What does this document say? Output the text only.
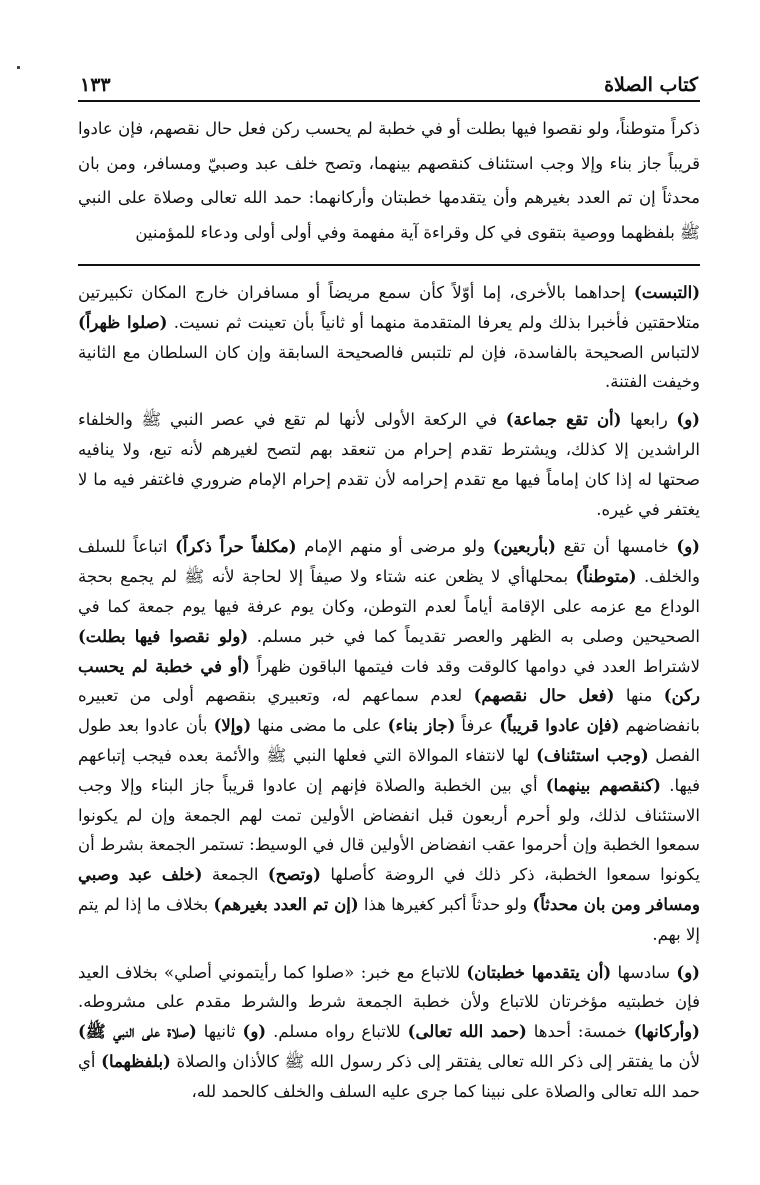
كتاب الصلاة
١٣٣
ذكراً متوطناً، ولو نقصوا فيها بطلت أو في خطبة لم يحسب ركن فعل حال نقصهم، فإن عادوا قريباً جاز بناء وإلا وجب استئناف كنقصهم بينهما، وتصح خلف عبد وصبيّ ومسافر، ومن بان محدثاً إن تم العدد بغيرهم وأن يتقدمها خطبتان وأركانهما: حمد الله تعالى وصلاة على النبي ﷺ بلفظهما ووصية بتقوى في كل وقراءة آية مفهمة وفي أولى أولى ودعاء للمؤمنين

(التبست) إحداهما بالأخرى، إما أوّلاً كأن سمع مريضاً أو مسافران خارج المكان تكبيرتين متلاحقتين فأخبرا بذلك ولم يعرفا المتقدمة منهما أو ثانياً بأن تعينت ثم نسيت. (صلوا ظهراً) لالتباس الصحيحة بالفاسدة، فإن لم تلتبس فالصحيحة السابقة وإن كان السلطان مع الثانية وخيفت الفتنة.

(و) رابعها (أن تقع جماعة) في الركعة الأولى لأنها لم تقع في عصر النبي ﷺ والخلفاء الراشدين إلا كذلك، ويشترط تقدم إحرام من تنعقد بهم لتصح لغيرهم لأنه تبع، ولا ينافيه صحتها له إذا كان إماماً فيها مع تقدم إحرامه لأن تقدم إحرام الإمام ضروري فاغتفر فيه ما لا يغتفر في غيره.

(و) خامسها أن تقع (بأربعين) ولو مرضى أو منهم الإمام (مكلفاً حراً ذكراً) اتباعاً للسلف والخلف. (متوطناً) بمحلهاأي لا يظعن عنه شتاء ولا صيفاً إلا لحاجة لأنه ﷺ لم يجمع بحجة الوداع مع عزمه على الإقامة أياماً لعدم التوطن، وكان يوم عرفة فيها يوم جمعة كما في الصحيحين وصلى به الظهر والعصر تقديماً كما في خبر مسلم. (ولو نقصوا فيها بطلت) لاشتراط العدد في دوامها كالوقت وقد فات فيتمها الباقون ظهراً (أو في خطبة لم يحسب ركن) منها (فعل حال نقصهم) لعدم سماعهم له، وتعبيري بنقصهم أولى من تعبيره بانفضاضهم (فإن عادوا قريباً) عرفاً (جاز بناء) على ما مضى منها (وإلا) بأن عادوا بعد طول الفصل (وجب استئناف) لها لانتفاء الموالاة التي فعلها النبي ﷺ والأئمة بعده فيجب إتباعهم فيها. (كنقصهم بينهما) أي بين الخطبة والصلاة فإنهم إن عادوا قريباً جاز البناء وإلا وجب الاستئناف لذلك، ولو أحرم أربعون قبل انفضاض الأولين تمت لهم الجمعة وإن لم يكونوا سمعوا الخطبة وإن أحرموا عقب انفضاض الأولين قال في الوسيط: تستمر الجمعة بشرط أن يكونوا سمعوا الخطبة، ذكر ذلك في الروضة كأصلها (وتصح) الجمعة (خلف عبد وصبي ومسافر ومن بان محدثاً) ولو حدثاً أكبر كغيرها هذا (إن تم العدد بغيرهم) بخلاف ما إذا لم يتم إلا بهم.

(و) سادسها (أن يتقدمها خطبتان) للاتباع مع خبر: «صلوا كما رأيتموني أصلي» بخلاف العيد فإن خطبتيه مؤخرتان للاتباع ولأن خطبة الجمعة شرط والشرط مقدم على مشروطه. (وأركانها) خمسة: أحدها (حمد الله تعالى) للاتباع رواه مسلم. (و) ثانيها (صلاة على النبي ﷺ) لأن ما يفتقر إلى ذكر الله تعالى يفتقر إلى ذكر رسول الله ﷺ كالأذان والصلاة (بلفظهما) أي حمد الله تعالى والصلاة على نبينا كما جرى عليه السلف والخلف كالحمد لله،
